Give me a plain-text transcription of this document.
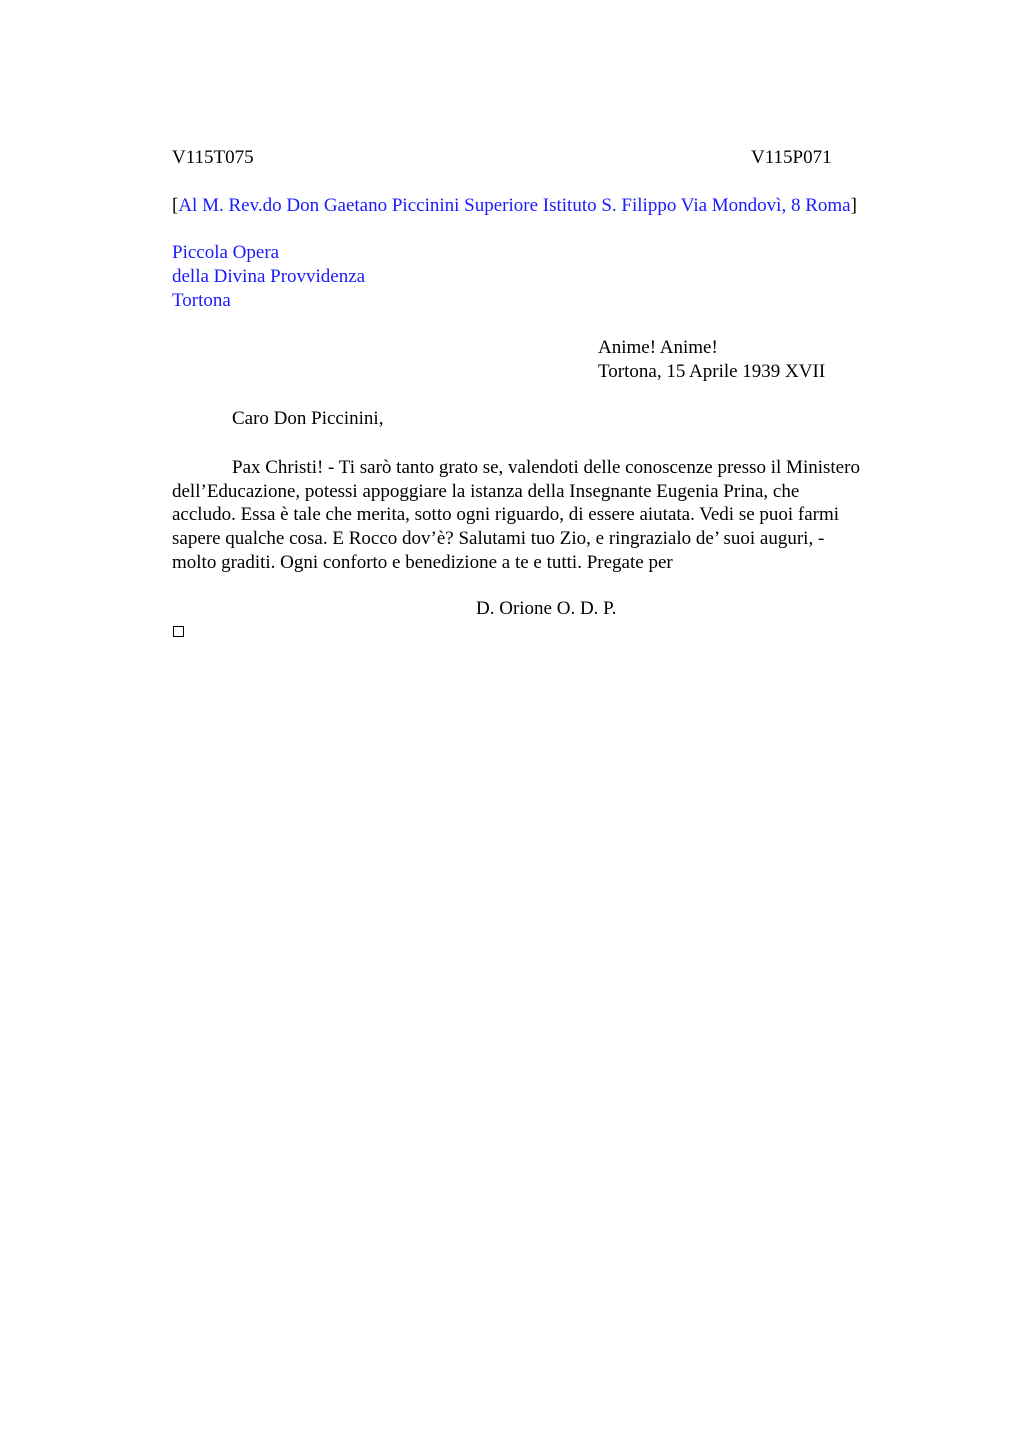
V115T075	V115P071
[Al M. Rev.do Don Gaetano Piccinini Superiore Istituto S. Filippo Via Mondovì, 8 Roma]
Piccola Opera
della Divina Provvidenza
Tortona
Anime! Anime!
Tortona, 15 Aprile 1939 XVII
Caro Don Piccinini,
Pax Christi! - Ti sarò tanto grato se, valendoti delle conoscenze presso il Ministero
dell’Educazione, potessi appoggiare la istanza della Insegnante Eugenia Prina, che
accludo. Essa è tale che merita, sotto ogni riguardo, di essere aiutata. Vedi se puoi farmi
sapere qualche cosa. E Rocco dov’è? Salutami tuo Zio, e ringrazialo de’ suoi auguri, -
molto graditi. Ogni conforto e benedizione a te e tutti. Pregate per
D. Orione O. D. P.
